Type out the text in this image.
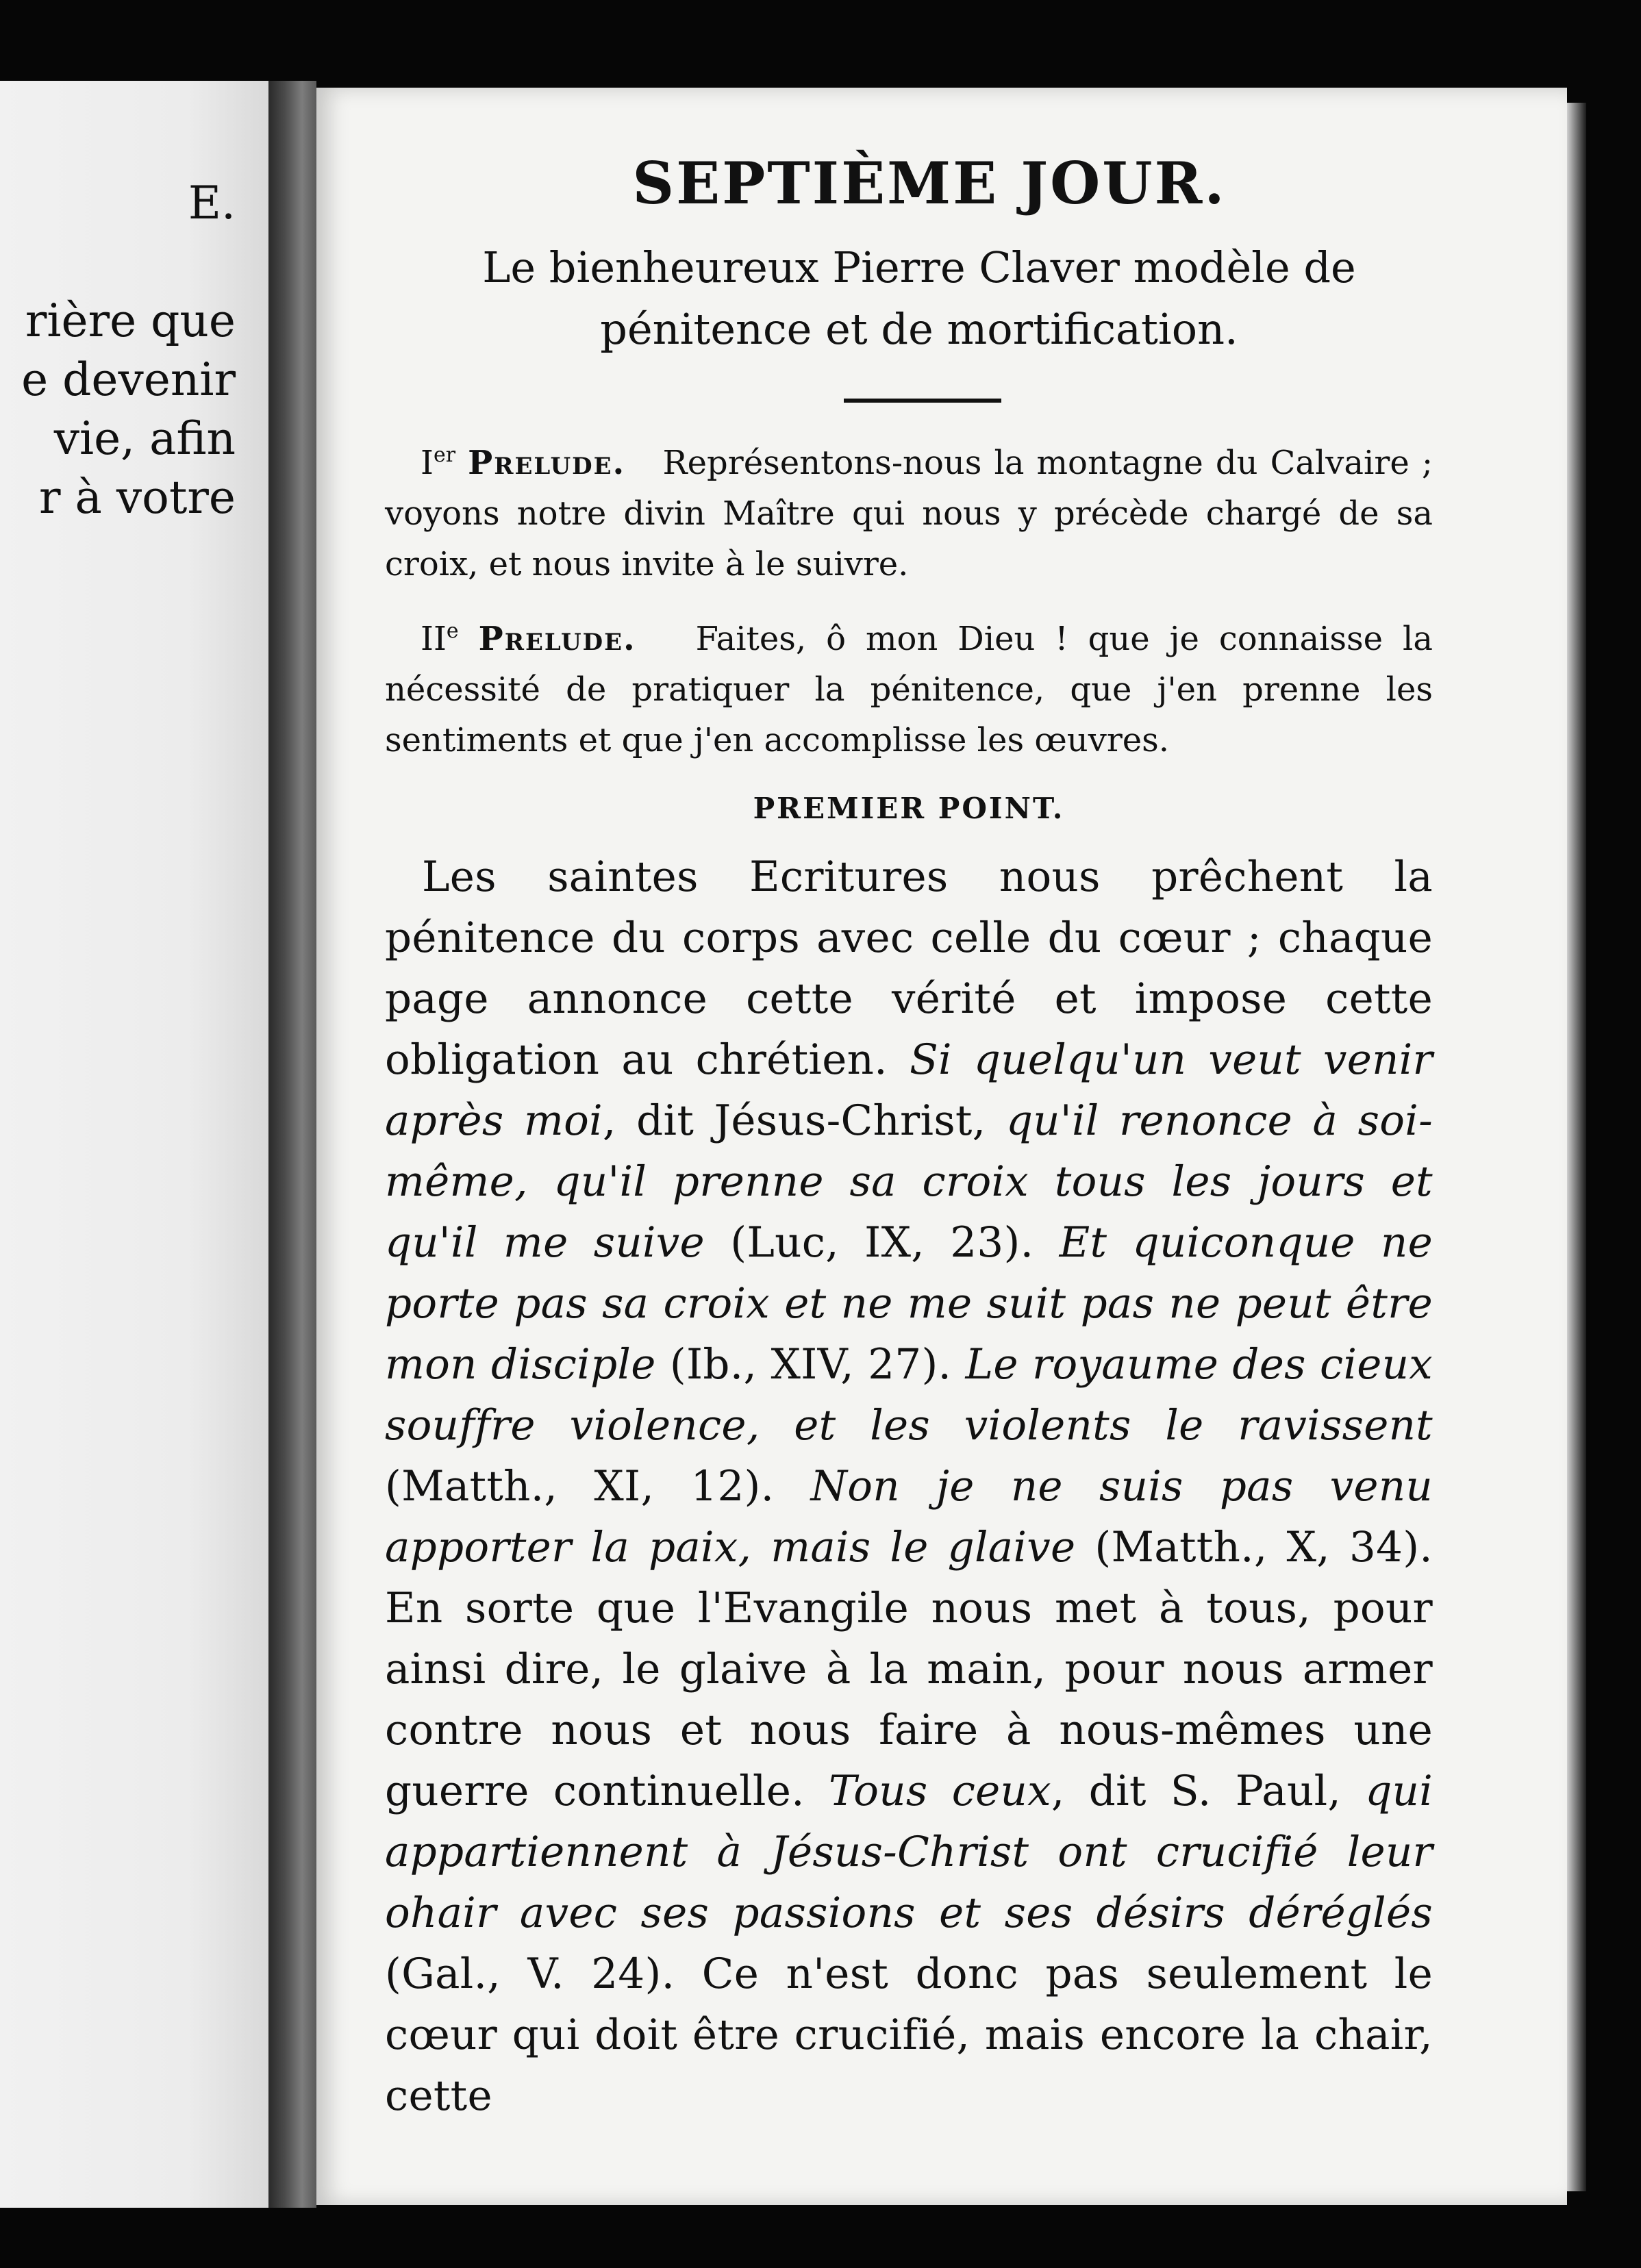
E.
rière que
e devenir
vie, afin
r à votre
SEPTIÈME JOUR.

Le bienheureux Pierre Claver modèle de
pénitence et de mortification.

Ier Prelude. Représentons-nous la montagne du Calvaire ; voyons notre divin Maître qui nous y précède chargé de sa croix, et nous invite à le suivre.

IIe Prelude. Faites, ô mon Dieu ! que je connaisse la nécessité de pratiquer la pénitence, que j'en prenne les sentiments et que j'en accomplisse les œuvres.

PREMIER POINT.

Les saintes Ecritures nous prêchent la pénitence du corps avec celle du cœur ; chaque page annonce cette vérité et impose cette obligation au chrétien. Si quelqu'un veut venir après moi, dit Jésus-Christ, qu'il renonce à soi-même, qu'il prenne sa croix tous les jours et qu'il me suive (Luc, IX, 23). Et quiconque ne porte pas sa croix et ne me suit pas ne peut être mon disciple (Ib., XIV, 27). Le royaume des cieux souffre violence, et les violents le ravissent (Matth., XI, 12). Non je ne suis pas venu apporter la paix, mais le glaive (Matth., X, 34). En sorte que l'Evangile nous met à tous, pour ainsi dire, le glaive à la main, pour nous armer contre nous et nous faire à nous-mêmes une guerre continuelle. Tous ceux, dit S. Paul, qui appartiennent à Jésus-Christ ont crucifié leur ohair avec ses passions et ses désirs déréglés (Gal., V. 24). Ce n'est donc pas seulement le cœur qui doit être crucifié, mais encore la chair, cette
